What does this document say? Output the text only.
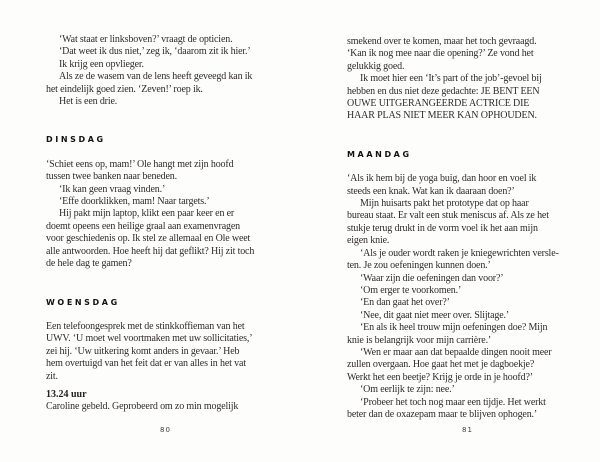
‘Wat staat er linksboven?’ vraagt de opticien.
‘Dat weet ik dus niet,’ zeg ik, ‘daarom zit ik hier.’
Ik krijg een opvlieger.
Als ze de wasem van de lens heeft geveegd kan ik
het eindelijk goed zien. ‘Zeven!’ roep ik.
Het is een drie.
DINSDAG
‘Schiet eens op, mam!’ Ole hangt met zijn hoofd
tussen twee banken naar beneden.
‘Ik kan geen vraag vinden.’
‘Effe doorklikken, mam! Naar targets.’
Hij pakt mijn laptop, klikt een paar keer en er
doemt opeens een heilige graal aan examenvragen
voor geschiedenis op. Ik stel ze allemaal en Ole weet
alle antwoorden. Hoe heeft hij dat geflikt? Hij zit toch
de hele dag te gamen?
WOENSDAG
Een telefoongesprek met de stinkkoffieman van het
UWV. ‘U moet wel voortmaken met uw sollicitaties,’
zei hij. ‘Uw uitkering komt anders in gevaar.’ Heb
hem overtuigd van het feit dat er van alles in het vat
zit.
13.24 uur
Caroline gebeld. Geprobeerd om zo min mogelijk
smekend over te komen, maar het toch gevraagd.
‘Kan ik nog mee naar die opening?’ Ze vond het
gelukkig goed.
Ik moet hier een ‘It’s part of the job’-gevoel bij
hebben en dus niet deze gedachte: JE BENT EEN
OUWE UITGERANGEERDE ACTRICE DIE
HAAR PLAS NIET MEER KAN OPHOUDEN.
MAANDAG
‘Als ik hem bij de yoga buig, dan hoor en voel ik
steeds een knak. Wat kan ik daaraan doen?’
Mijn huisarts pakt het prototype dat op haar
bureau staat. Er valt een stuk meniscus af. Als ze het
stukje terug drukt in de vorm voel ik het aan mijn
eigen knie.
‘Als je ouder wordt raken je kniegewrichten versle-
ten. Je zou oefeningen kunnen doen.’
‘Waar zijn die oefeningen dan voor?’
‘Om erger te voorkomen.’
‘En dan gaat het over?’
‘Nee, dit gaat niet meer over. Slijtage.’
‘En als ik heel trouw mijn oefeningen doe? Mijn
knie is belangrijk voor mijn carrière.’
‘Wen er maar aan dat bepaalde dingen nooit meer
zullen overgaan. Hoe gaat het met je dagboekje?
Werkt het een beetje? Krijg je orde in je hoofd?’
‘Om eerlijk te zijn: nee.’
‘Probeer het toch nog maar een tijdje. Het werkt
beter dan de oxazepam maar te blijven ophogen.’
80	81
